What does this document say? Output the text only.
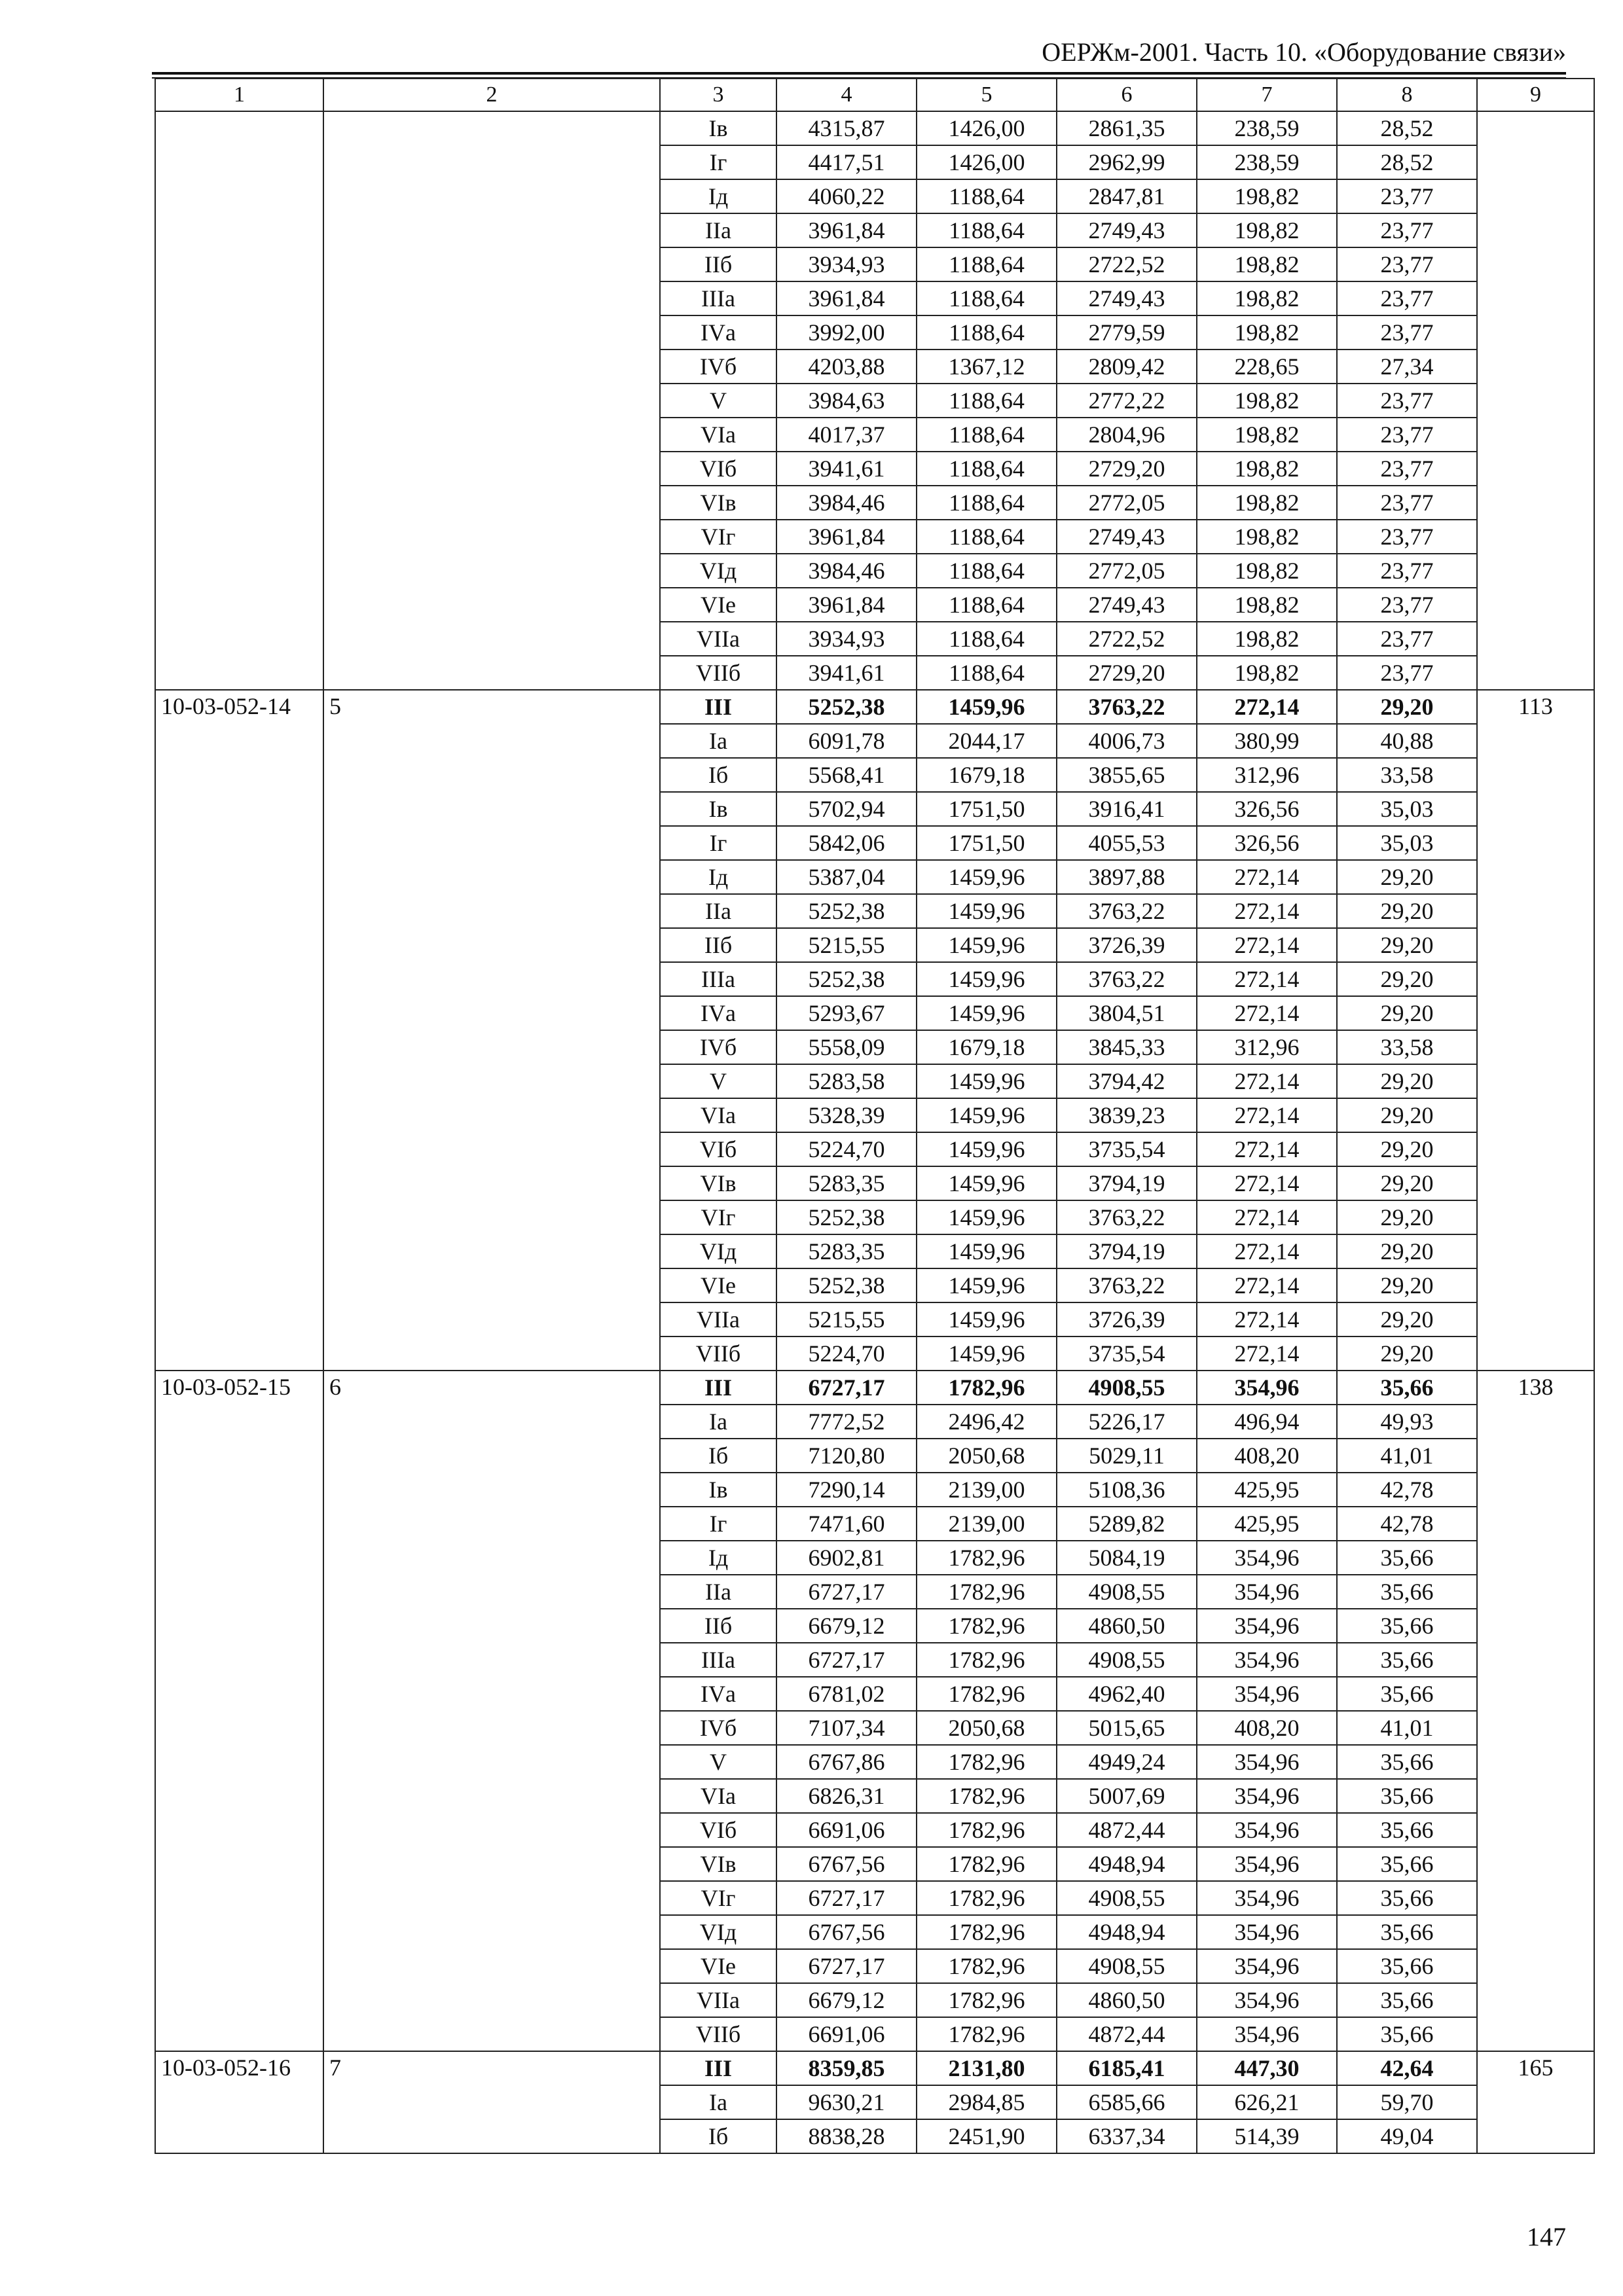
ОЕРЖм-2001. Часть 10. «Оборудование связи»
1	2	3	4	5	6	7	8	9
		Iв	4315,87	1426,00	2861,35	238,59	28,52	
		Iг	4417,51	1426,00	2962,99	238,59	28,52	
		Iд	4060,22	1188,64	2847,81	198,82	23,77	
		IIа	3961,84	1188,64	2749,43	198,82	23,77	
		IIб	3934,93	1188,64	2722,52	198,82	23,77	
		IIIа	3961,84	1188,64	2749,43	198,82	23,77	
		IVа	3992,00	1188,64	2779,59	198,82	23,77	
		IVб	4203,88	1367,12	2809,42	228,65	27,34	
		V	3984,63	1188,64	2772,22	198,82	23,77	
		VIа	4017,37	1188,64	2804,96	198,82	23,77	
		VIб	3941,61	1188,64	2729,20	198,82	23,77	
		VIв	3984,46	1188,64	2772,05	198,82	23,77	
		VIг	3961,84	1188,64	2749,43	198,82	23,77	
		VIд	3984,46	1188,64	2772,05	198,82	23,77	
		VIе	3961,84	1188,64	2749,43	198,82	23,77	
		VIIа	3934,93	1188,64	2722,52	198,82	23,77	
		VIIб	3941,61	1188,64	2729,20	198,82	23,77	
10-03-052-14	5	III	5252,38	1459,96	3763,22	272,14	29,20	113
		Iа	6091,78	2044,17	4006,73	380,99	40,88	
		Iб	5568,41	1679,18	3855,65	312,96	33,58	
		Iв	5702,94	1751,50	3916,41	326,56	35,03	
		Iг	5842,06	1751,50	4055,53	326,56	35,03	
		Iд	5387,04	1459,96	3897,88	272,14	29,20	
		IIа	5252,38	1459,96	3763,22	272,14	29,20	
		IIб	5215,55	1459,96	3726,39	272,14	29,20	
		IIIа	5252,38	1459,96	3763,22	272,14	29,20	
		IVа	5293,67	1459,96	3804,51	272,14	29,20	
		IVб	5558,09	1679,18	3845,33	312,96	33,58	
		V	5283,58	1459,96	3794,42	272,14	29,20	
		VIа	5328,39	1459,96	3839,23	272,14	29,20	
		VIб	5224,70	1459,96	3735,54	272,14	29,20	
		VIв	5283,35	1459,96	3794,19	272,14	29,20	
		VIг	5252,38	1459,96	3763,22	272,14	29,20	
		VIд	5283,35	1459,96	3794,19	272,14	29,20	
		VIе	5252,38	1459,96	3763,22	272,14	29,20	
		VIIа	5215,55	1459,96	3726,39	272,14	29,20	
		VIIб	5224,70	1459,96	3735,54	272,14	29,20	
10-03-052-15	6	III	6727,17	1782,96	4908,55	354,96	35,66	138
		Iа	7772,52	2496,42	5226,17	496,94	49,93	
		Iб	7120,80	2050,68	5029,11	408,20	41,01	
		Iв	7290,14	2139,00	5108,36	425,95	42,78	
		Iг	7471,60	2139,00	5289,82	425,95	42,78	
		Iд	6902,81	1782,96	5084,19	354,96	35,66	
		IIа	6727,17	1782,96	4908,55	354,96	35,66	
		IIб	6679,12	1782,96	4860,50	354,96	35,66	
		IIIа	6727,17	1782,96	4908,55	354,96	35,66	
		IVа	6781,02	1782,96	4962,40	354,96	35,66	
		IVб	7107,34	2050,68	5015,65	408,20	41,01	
		V	6767,86	1782,96	4949,24	354,96	35,66	
		VIа	6826,31	1782,96	5007,69	354,96	35,66	
		VIб	6691,06	1782,96	4872,44	354,96	35,66	
		VIв	6767,56	1782,96	4948,94	354,96	35,66	
		VIг	6727,17	1782,96	4908,55	354,96	35,66	
		VIд	6767,56	1782,96	4948,94	354,96	35,66	
		VIе	6727,17	1782,96	4908,55	354,96	35,66	
		VIIа	6679,12	1782,96	4860,50	354,96	35,66	
		VIIб	6691,06	1782,96	4872,44	354,96	35,66	
10-03-052-16	7	III	8359,85	2131,80	6185,41	447,30	42,64	165
		Iа	9630,21	2984,85	6585,66	626,21	59,70	
		Iб	8838,28	2451,90	6337,34	514,39	49,04	
147
